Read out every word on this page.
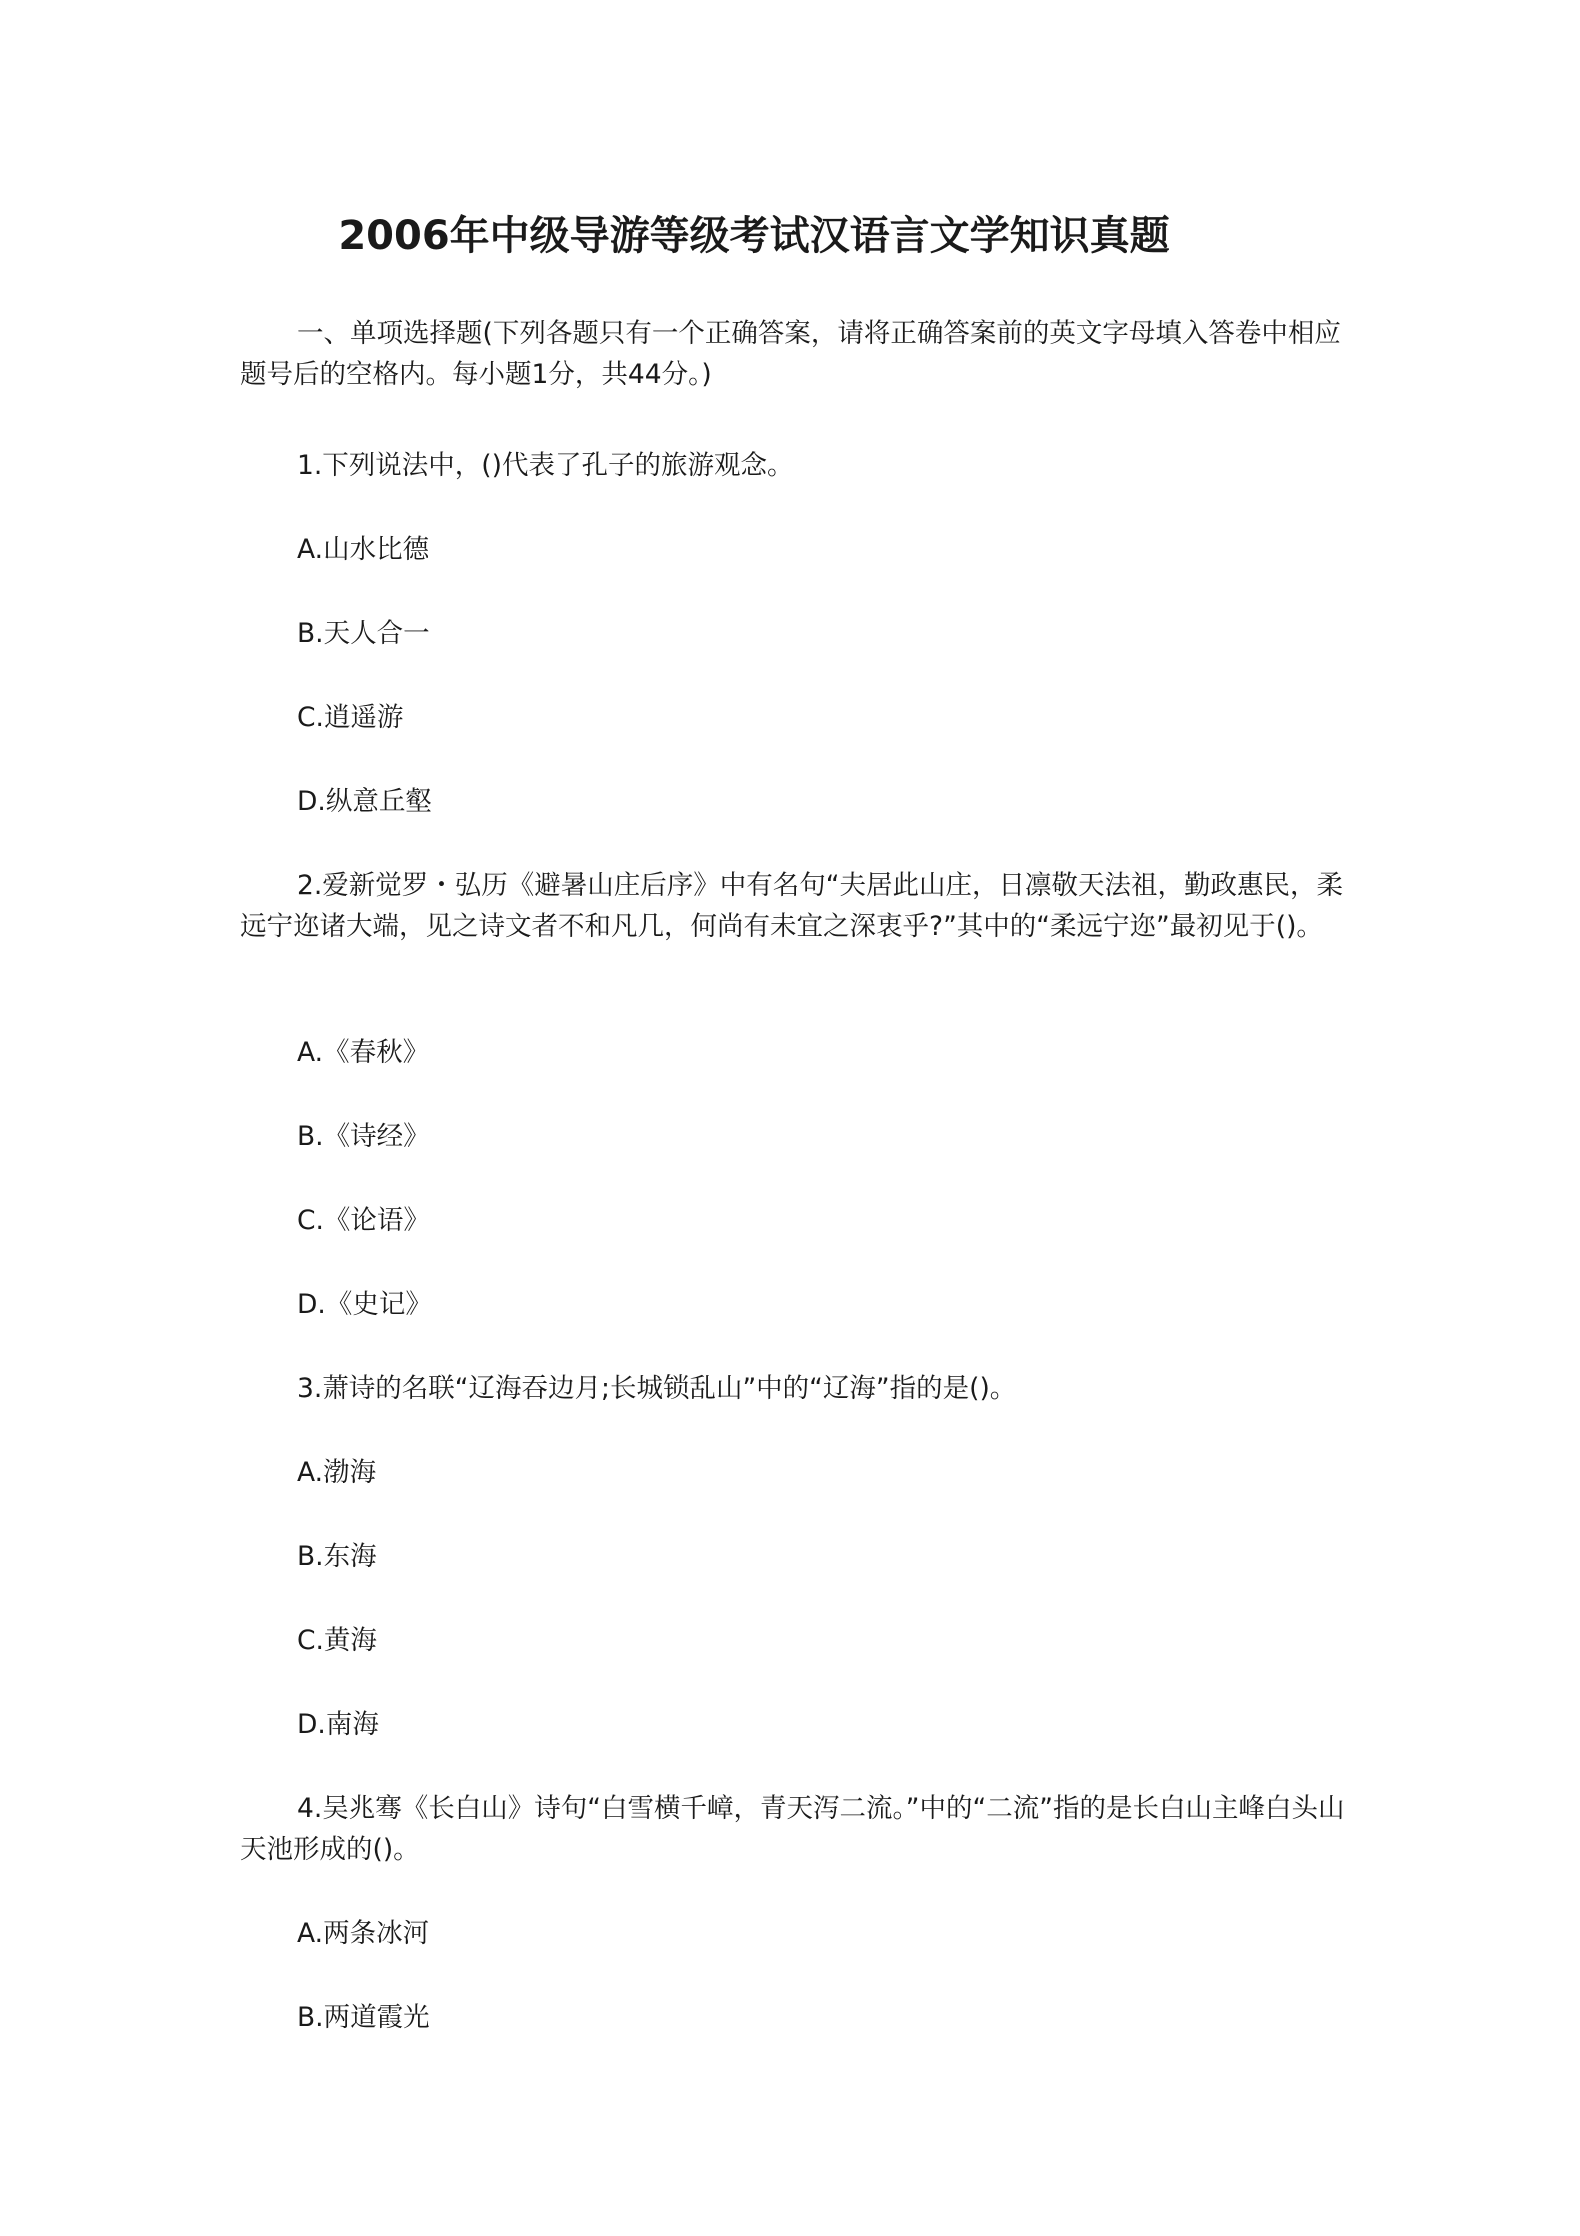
2006年中级导游等级考试汉语言文学知识真题

一、单项选择题(下列各题只有一个正确答案，请将正确答案前的英文字母填入答卷中相应题号后的空格内。每小题1分，共44分。)

1.下列说法中，()代表了孔子的旅游观念。

A.山水比德

B.天人合一

C.逍遥游

D.纵意丘壑

2.爱新觉罗・弘历《避暑山庄后序》中有名句“夫居此山庄，日凛敬天法祖，勤政惠民，柔远宁迩诸大端，见之诗文者不和凡几，何尚有未宜之深衷乎?”其中的“柔远宁迩”最初见于()。

A.《春秋》

B.《诗经》

C.《论语》

D.《史记》

3.萧诗的名联“辽海吞边月;长城锁乱山”中的“辽海”指的是()。

A.渤海

B.东海

C.黄海

D.南海

4.吴兆骞《长白山》诗句“白雪横千嶂，青天泻二流。”中的“二流”指的是长白山主峰白头山天池形成的()。

A.两条冰河

B.两道霞光
